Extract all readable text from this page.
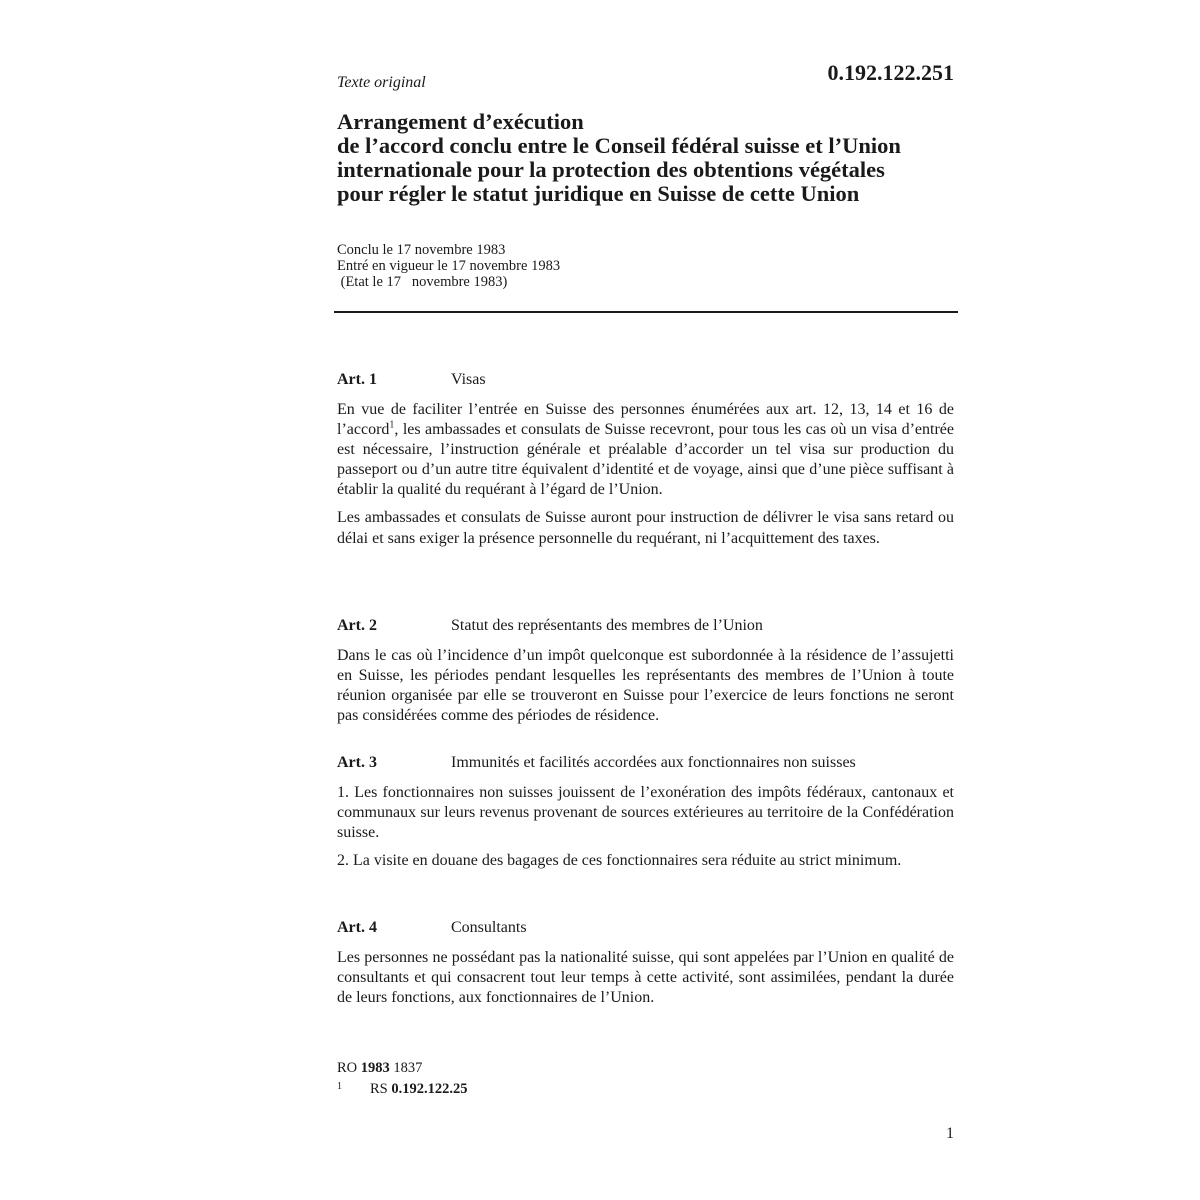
Texte original	0.192.122.251
Arrangement d’exécution
de l’accord conclu entre le Conseil fédéral suisse et l’Union
internationale pour la protection des obtentions végétales
pour régler le statut juridique en Suisse de cette Union
Conclu le 17 novembre 1983
Entré en vigueur le 17 novembre 1983
(Etat le 17   novembre 1983)
Art. 1	Visas
En vue de faciliter l’entrée en Suisse des personnes énumérées aux art. 12, 13, 14 et 16 de l’accord$^1$, les ambassades et consulats de Suisse recevront, pour tous les cas où un visa d’entrée est nécessaire, l’instruction générale et préalable d’accorder un tel visa sur production du passeport ou d’un autre titre équivalent d’identité et de voyage, ainsi que d’une pièce suffisant à établir la qualité du requérant à l’égard de l’Union.
Les ambassades et consulats de Suisse auront pour instruction de délivrer le visa sans retard ou délai et sans exiger la présence personnelle du requérant, ni l’acquittement des taxes.
Art. 2	Statut des représentants des membres de l’Union
Dans le cas où l’incidence d’un impôt quelconque est subordonnée à la résidence de l’assujetti en Suisse, les périodes pendant lesquelles les représentants des membres de l’Union à toute réunion organisée par elle se trouveront en Suisse pour l’exercice de leurs fonctions ne seront pas considérées comme des périodes de résidence.
Art. 3	Immunités et facilités accordées aux fonctionnaires non suisses
1. Les fonctionnaires non suisses jouissent de l’exonération des impôts fédéraux, cantonaux et communaux sur leurs revenus provenant de sources extérieures au territoire de la Confédération suisse.
2. La visite en douane des bagages de ces fonctionnaires sera réduite au strict minimum.
Art. 4	Consultants
Les personnes ne possédant pas la nationalité suisse, qui sont appelées par l’Union en qualité de consultants et qui consacrent tout leur temps à cette activité, sont assimilées, pendant la durée de leurs fonctions, aux fonctionnaires de l’Union.
RO 1983 1837
1	RS 0.192.122.25
1
